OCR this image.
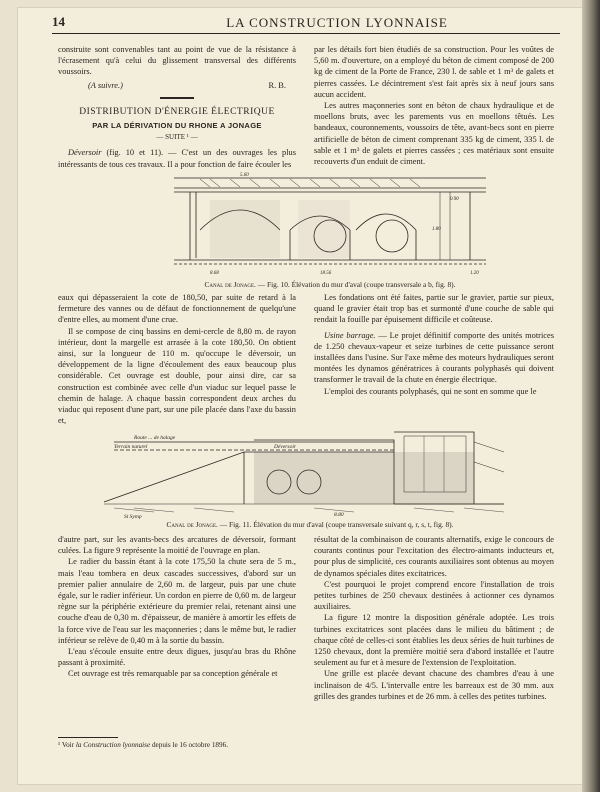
14	LA CONSTRUCTION LYONNAISE

construite sont convenables tant au point de vue de la résistance à l'écrasement qu'à celui du glissement transversal des différents voussoirs.

(A suivre.)	R. B.
DISTRIBUTION D'ÉNERGIE ÉLECTRIQUE
PAR LA DÉRIVATION DU RHONE A JONAGE
— SUITE ¹ —

Déversoir (fig. 10 et 11). — C'est un des ouvrages les plus intéressants de tous ces travaux. Il a pour fonction de faire écouler les

par les détails fort bien étudiés de sa construction. Pour les voûtes de 5,60 m. d'ouverture, on a employé du béton de ciment composé de 200 kg de ciment de la Porte de France, 230 l. de sable et 1 m³ de galets et pierres cassées. Le décintrement s'est fait après six à neuf jours sans aucun accident.

Les autres maçonneries sont en béton de chaux hydraulique et de moellons bruts, avec les parements vus en moellons têtués. Les bandeaux, couronnements, voussoirs de tête, avant-becs sont en pierre artificielle de béton de ciment comprenant 335 kg de ciment, 335 l. de sable et 1 m³ de galets et pierres cassées ; ces matériaux sont ensuite recouverts d'un enduit de ciment.

5.60
18.56
8.68
0.90
1.80
1.20
Canal de Jonage. — Fig. 10. Élévation du mur d'aval (coupe transversale a b, fig. 8).

eaux qui dépasseraient la cote de 180,50, par suite de retard à la fermeture des vannes ou de défaut de fonctionnement de quelqu'une d'entre elles, au moment d'une crue.

Il se compose de cinq bassins en demi-cercle de 8,80 m. de rayon intérieur, dont la margelle est arrasée à la cote 180,50. On obtient ainsi, sur la longueur de 110 m. qu'occupe le déversoir, un développement de la ligne d'écoulement des eaux beaucoup plus considérable. Cet ouvrage est double, pour ainsi dire, car sa construction est combinée avec celle d'un viaduc sur lequel passe le chemin de halage. A chaque bassin correspondent deux arches du viaduc qui reposent d'une part, sur une pile placée dans l'axe du bassin et,

Les fondations ont été faites, partie sur le gravier, partie sur pieux, quand le gravier était trop bas et surmonté d'une couche de sable qui rendait la fouille par épuisement difficile et coûteuse.

Usine barrage. — Le projet définitif comporte des unités motrices de 1.250 chevaux-vapeur et seize turbines de cette puissance seront installées dans l'usine. Sur l'axe même des moteurs hydrauliques seront montées les dynamos génératrices à courants polyphasés qui doivent transformer le travail de la chute en énergie électrique.

L'emploi des courants polyphasés, qui ne sont en somme que le

Route ... de halage
Terrain naturel
St Symp
Déversoir
8.80
Canal de Jonage. — Fig. 11. Élévation du mur d'aval (coupe transversale suivant q, r, s, t, fig. 8).

d'autre part, sur les avants-becs des arcatures de déversoir, formant culées. La figure 9 représente la moitié de l'ouvrage en plan.

Le radier du bassin étant à la cote 175,50 la chute sera de 5 m., mais l'eau tombera en deux cascades successives, d'abord sur un premier palier annulaire de 2,60 m. de largeur, puis par une chute égale, sur le radier inférieur. Un cordon en pierre de 0,60 m. de largeur règne sur la périphérie extérieure du premier relai, retenant ainsi une couche d'eau de 0,30 m. d'épaisseur, de manière à amortir les effets de la force vive de l'eau sur les maçonneries ; dans le même but, le radier inférieur se relève de 0,40 m à la sortie du bassin.

L'eau s'écoule ensuite entre deux digues, jusqu'au bras du Rhône passant à proximité.

Cet ouvrage est très remarquable par sa conception générale et

résultat de la combinaison de courants alternatifs, exige le concours de courants continus pour l'excitation des électro-aimants inducteurs et, pour plus de simplicité, ces courants auxiliaires sont obtenus au moyen de dynamos spéciales dites excitatrices.

C'est pourquoi le projet comprend encore l'installation de trois petites turbines de 250 chevaux destinées à actionner ces dynamos auxiliaires.

La figure 12 montre la disposition générale adoptée. Les trois turbines excitatrices sont placées dans le milieu du bâtiment ; de chaque côté de celles-ci sont établies les deux séries de huit turbines de 1250 chevaux, dont la première moitié sera d'abord installée et l'autre seulement au fur et à mesure de l'extension de l'exploitation.

Une grille est placée devant chacune des chambres d'eau à une inclinaison de 4/5. L'intervalle entre les barreaux est de 30 mm. aux grilles des grandes turbines et de 26 mm. à celles des petites turbines.

¹ Voir la Construction lyonnaise depuis le 16 octobre 1896.
